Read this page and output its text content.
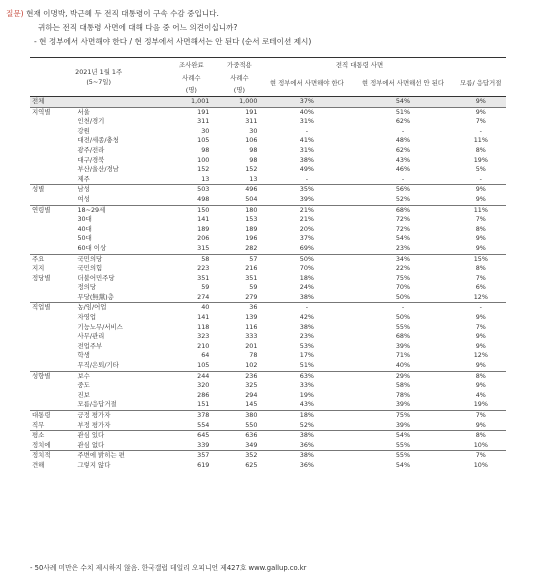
질문) 현재 이명박, 박근혜 두 전직 대통령이 구속 수감 중입니다.
귀하는 전직 대통령 사면에 대해 다음 중 어느 의견이십니까?
- 현 정부에서 사면해야 한다 / 현 정부에서 사면해서는 안 된다 (순서 로테이션 제시)
2021년 1월 1주
(5~7일)		조사완료	가중적용	전직 대통령 사면		
		사례수	사례수	현 정부에서 사면해야 한다	현 정부에서 사면해선 안 된다	모름/ 응답거절
		(명)	(명)			
전체		1,001	1,000	37%	54%	9%
지역별	서울	191	191	40%	51%	9%
	인천/경기	311	311	31%	62%	7%
	강원	30	30	-	-	-
	대전/세종/충청	105	106	41%	48%	11%
	광주/전라	98	98	31%	62%	8%
	대구/경북	100	98	38%	43%	19%
	부산/울산/경남	152	152	49%	46%	5%
	제주	13	13	-	-	-
성별	남성	503	496	35%	56%	9%
	여성	498	504	39%	52%	9%
연령별	18~29세	150	180	21%	68%	11%
	30대	141	153	21%	72%	7%
	40대	189	189	20%	72%	8%
	50대	206	196	37%	54%	9%
	60대 이상	315	282	69%	23%	9%
주요	국민의당	58	57	50%	34%	15%
지지	국민의힘	223	216	70%	22%	8%
정당별	더불어민주당	351	351	18%	75%	7%
	정의당	59	59	24%	70%	6%
	무당(無黨)층	274	279	38%	50%	12%
직업별	농/임/어업	40	36	-	-	-
	자영업	141	139	42%	50%	9%
	기능노무/서비스	118	116	38%	55%	7%
	사무/관리	323	333	23%	68%	9%
	전업주부	210	201	53%	39%	9%
	학생	64	78	17%	71%	12%
	무직/은퇴/기타	105	102	51%	40%	9%
성향별	보수	244	236	63%	29%	8%
	중도	320	325	33%	58%	9%
	진보	286	294	19%	78%	4%
	모름/응답거절	151	145	43%	39%	19%
대통령	긍정 평가자	378	380	18%	75%	7%
직무	부정 평가자	554	550	52%	39%	9%
평소	관심 있다	645	636	38%	54%	8%
정치에	관심 없다	339	349	36%	55%	10%
정치적	주변에 밝히는 편	357	352	38%	55%	7%
견해	그렇지 않다	619	625	36%	54%	10%
- 50사례 미만은 수치 제시하지 않음. 한국갤럽 데일리 오피니언 제427호 www.gallup.co.kr
